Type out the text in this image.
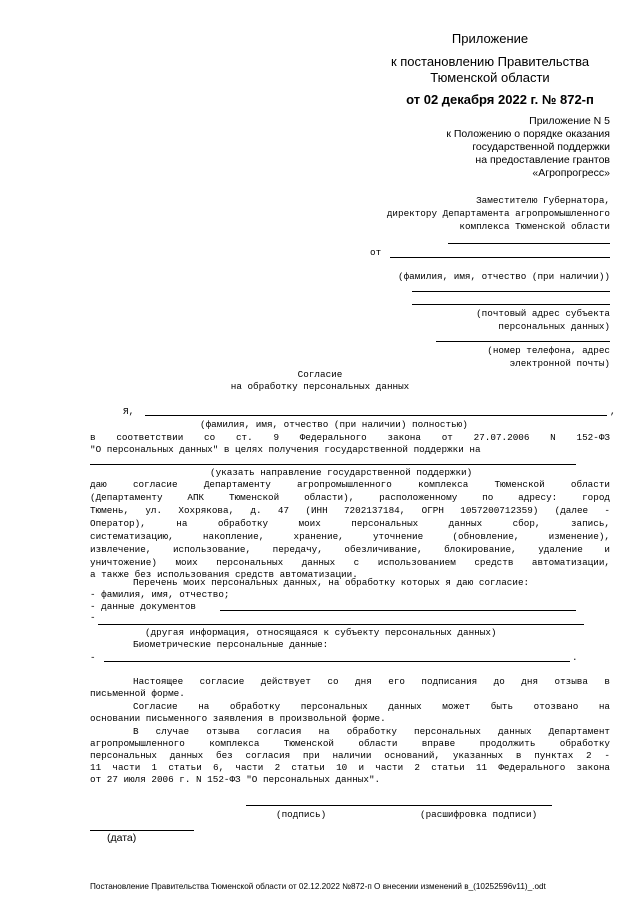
Приложение
к постановлению Правительства
Тюменской области
от 02 декабря 2022 г. № 872-п
Приложение N 5
к Положению о порядке оказания
государственной поддержки
на предоставление грантов
«Агропрогресс»
Заместителю Губернатора,
директору Департамента агропромышленного
комплекса Тюменской области
от
(фамилия, имя, отчество (при наличии))
(почтовый адрес субъекта
персональных данных)
(номер телефона, адрес
электронной почты)
Согласие
на обработку персональных данных
Я,	,
(фамилия, имя, отчество (при наличии) полностью)
в соответствии со ст. 9 Федерального закона от 27.07.2006 N 152-ФЗ
"О персональных данных" в целях получения государственной поддержки на
(указать направление государственной поддержки)
даю согласие Департаменту агропромышленного комплекса Тюменской области
(Департаменту АПК Тюменской области), расположенному по адресу: город
Тюмень, ул. Хохрякова, д. 47 (ИНН 7202137184, ОГРН 1057200712359) (далее -
Оператор), на обработку моих персональных данных сбор, запись,
систематизацию, накопление, хранение, уточнение (обновление, изменение),
извлечение, использование, передачу, обезличивание, блокирование, удаление и
уничтожение) моих персональных данных с использованием средств автоматизации,
а также без использования средств автоматизации.
Перечень моих персональных данных, на обработку которых я даю согласие:
- фамилия, имя, отчество;
- данные документов
-
(другая информация, относящаяся к субъекту персональных данных)
Биометрические персональные данные:
-	.
Настоящее согласие действует со дня его подписания до дня отзыва в
письменной форме.
Согласие на обработку персональных данных может быть отозвано на
основании письменного заявления в произвольной форме.
В случае отзыва согласия на обработку персональных данных Департамент
агропромышленного комплекса Тюменской области вправе продолжить обработку
персональных данных без согласия при наличии оснований, указанных в пунктах 2 -
11 части 1 статьи 6, части 2 статьи 10 и части 2 статьи 11 Федерального закона
от 27 июля 2006 г. N 152-ФЗ "О персональных данных".
(подпись)	(расшифровка подписи)
(дата)
Постановление Правительства Тюменской области от 02.12.2022 №872-п О внесении изменений в_(10252596v11)_.odt
